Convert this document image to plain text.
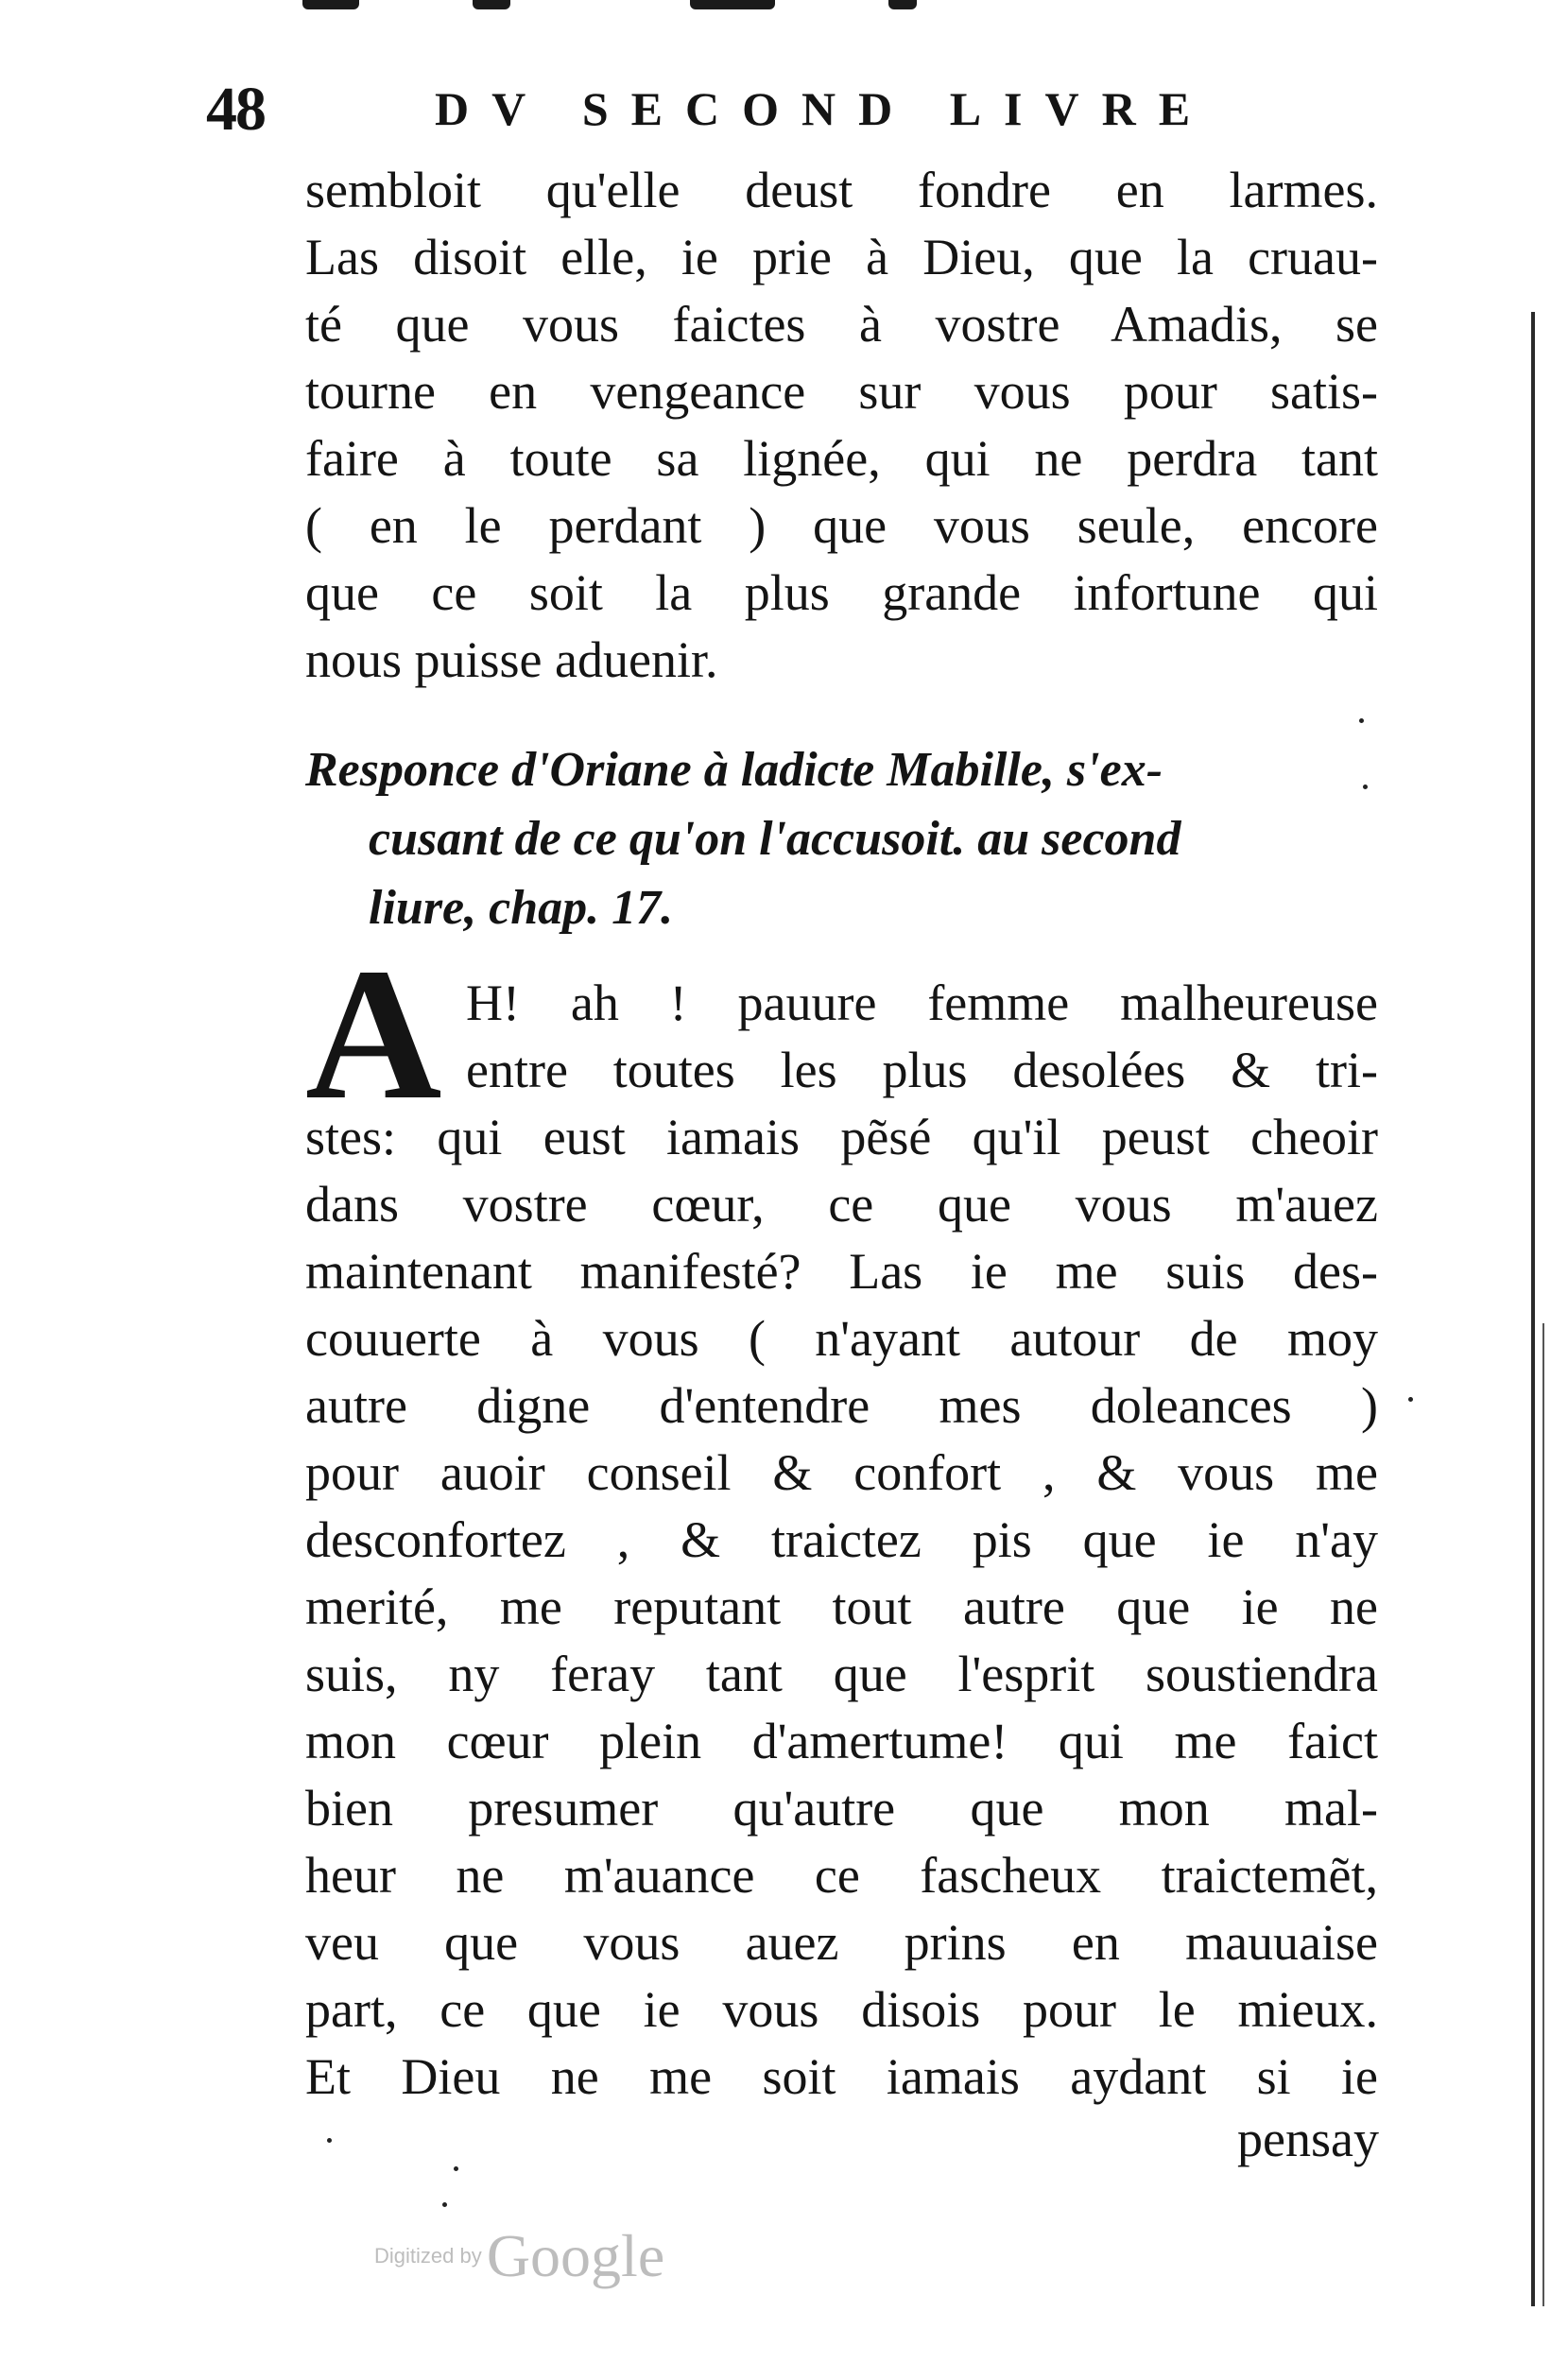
48	DV SECOND LIVRE
sembloit qu'elle deust fondre en larmes.
Las disoit elle, ie prie à Dieu, que la cruau-
té que vous faictes à vostre Amadis, se
tourne en vengeance sur vous pour satis-
faire à toute sa lignée, qui ne perdra tant
( en le perdant ) que vous seule, encore
que ce soit la plus grande infortune qui
nous puisse aduenir.
Responce d'Oriane à ladicte Mabille, s'ex-
cusant de ce qu'on l'accusoit. au second
liure, chap. 17.
A H! ah ! pauure femme malheureuse
entre toutes les plus desolées & tri-
stes: qui eust iamais pẽsé qu'il peust cheoir
dans vostre cœur, ce que vous m'auez
maintenant manifesté? Las ie me suis des-
couuerte à vous ( n'ayant autour de moy
autre digne d'entendre mes doleances )
pour auoir conseil & confort , & vous me
desconfortez , & traictez pis que ie n'ay
merité, me reputant tout autre que ie ne
suis, ny feray tant que l'esprit soustiendra
mon cœur plein d'amertume! qui me faict
bien presumer qu'autre que mon mal-
heur ne m'auance ce fascheux traictemẽt,
veu que vous auez prins en mauuaise
part, ce que ie vous disois pour le mieux.
Et Dieu ne me soit iamais aydant si ie
pensay
Digitized by Google
